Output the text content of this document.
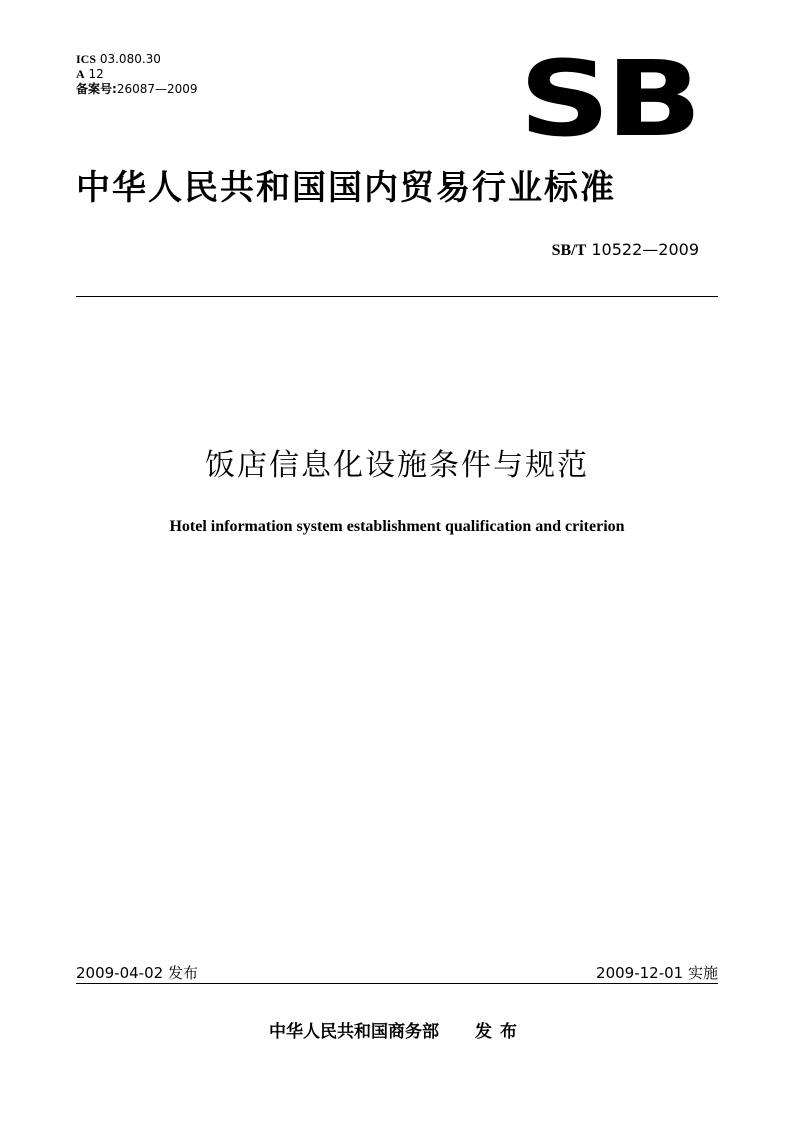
ICS 03.080.30
A 12
备案号:26087—2009	SB
中华人民共和国国内贸易行业标准
SB/T 10522—2009
饭店信息化设施条件与规范
Hotel information system establishment qualification and criterion
2009-04-02 发布	2009-12-01 实施
中华人民共和国商务部 发布
